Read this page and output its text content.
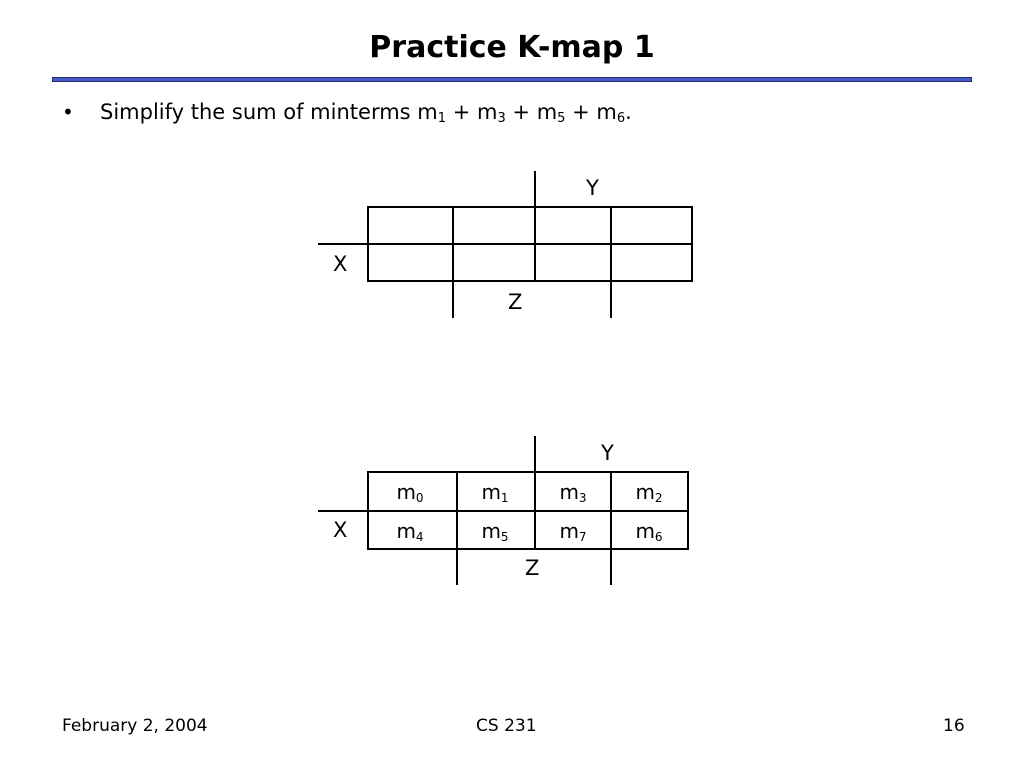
Practice K-map 1
• Simplify the sum of minterms $m_1 + m_3 + m_5 + m_6$.
Y
X
Z
Y
$m_0$	$m_1$	$m_3$	$m_2$
$m_4$	$m_5$	$m_7$	$m_6$
X
Z
February 2, 2004	CS 231	16
